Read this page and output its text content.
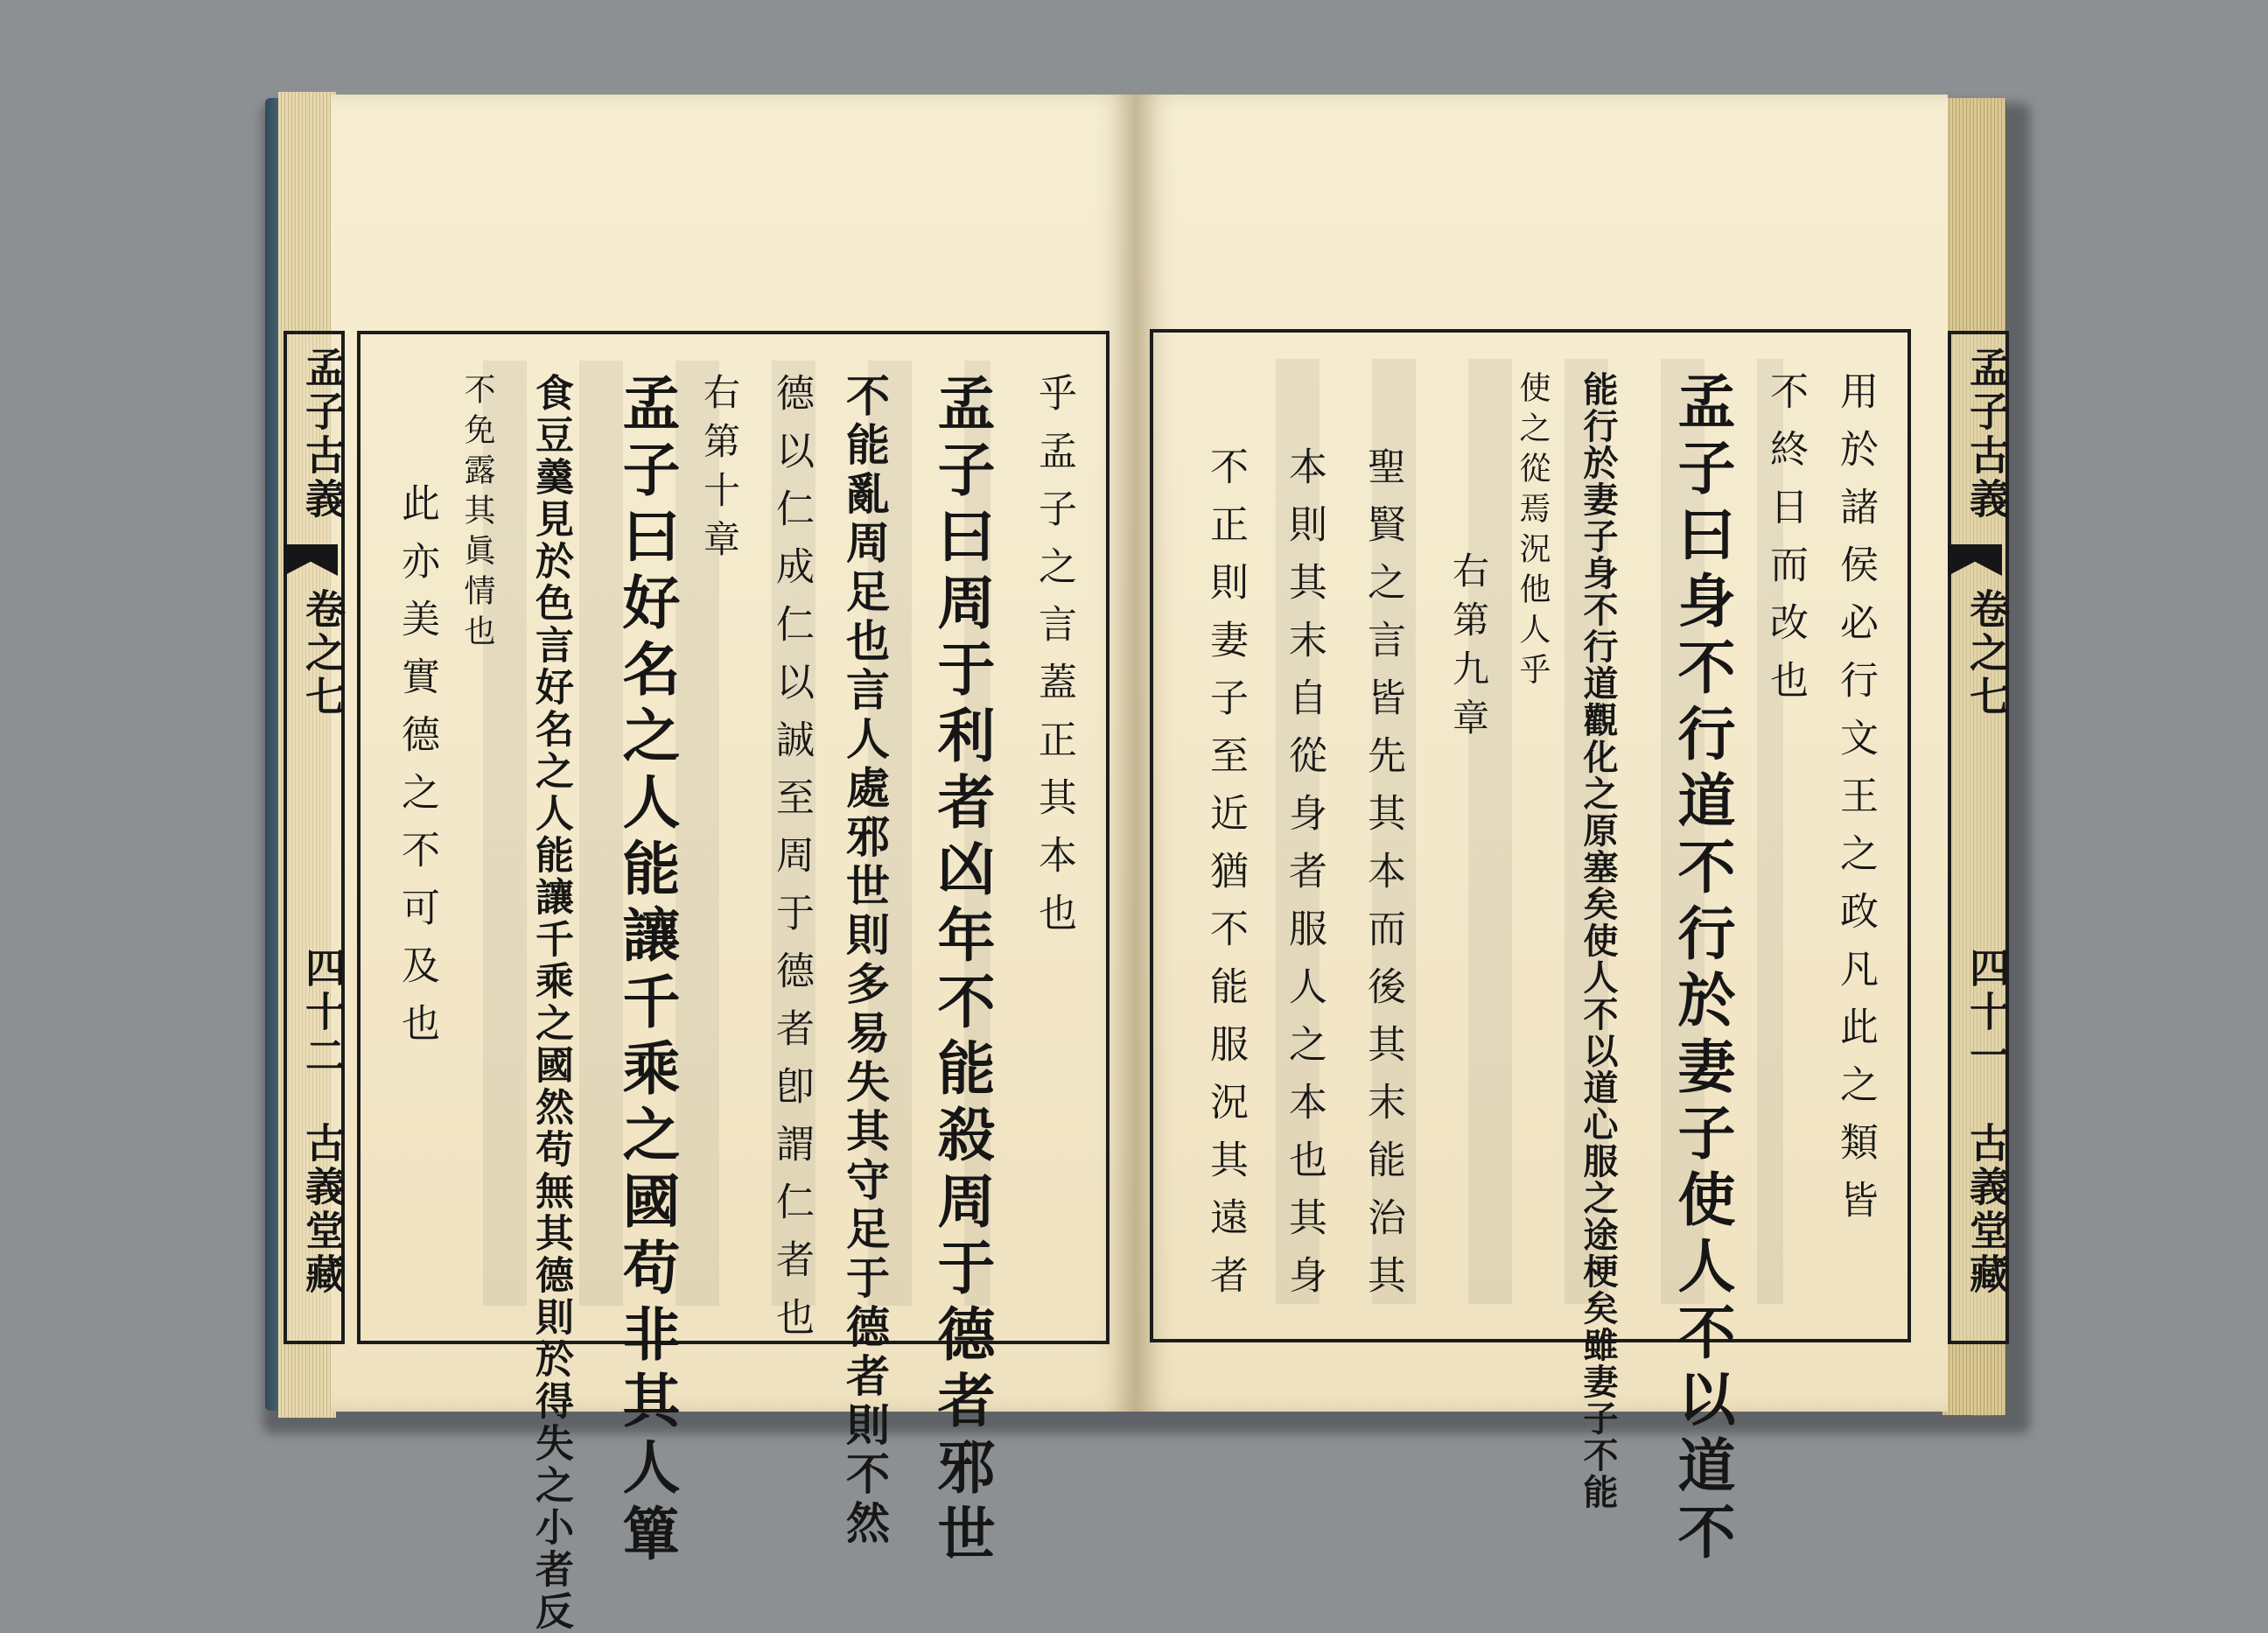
乎孟子之言蓋正其本也
孟子曰周于利者凶年不能殺周于德者邪世
不能亂周足也言人處邪世則多易失其守足于德者則不然
德以仁成仁以誠至周于德者卽謂仁者也
右第十章
孟子曰好名之人能讓千乘之國苟非其人簞
食豆羹見於色言好名之人能讓千乘之國然苟無其德則於得失之小者反
不免露其眞情也
此亦美實德之不可及也
孟子古義
卷之七
四十二
古義堂藏	用於諸侯必行文王之政凡此之類皆
不終日而改也
孟子曰身不行道不行於妻子使人不以道不
能行於妻子身不行道觀化之原塞矣使人不以道心服之途梗矣雖妻子不能
使之從焉況他人乎
右第九章
聖賢之言皆先其本而後其末能治其
本則其末自從身者服人之本也其身
不正則妻子至近猶不能服況其遠者
孟子古義
卷之七
四十一
古義堂藏
